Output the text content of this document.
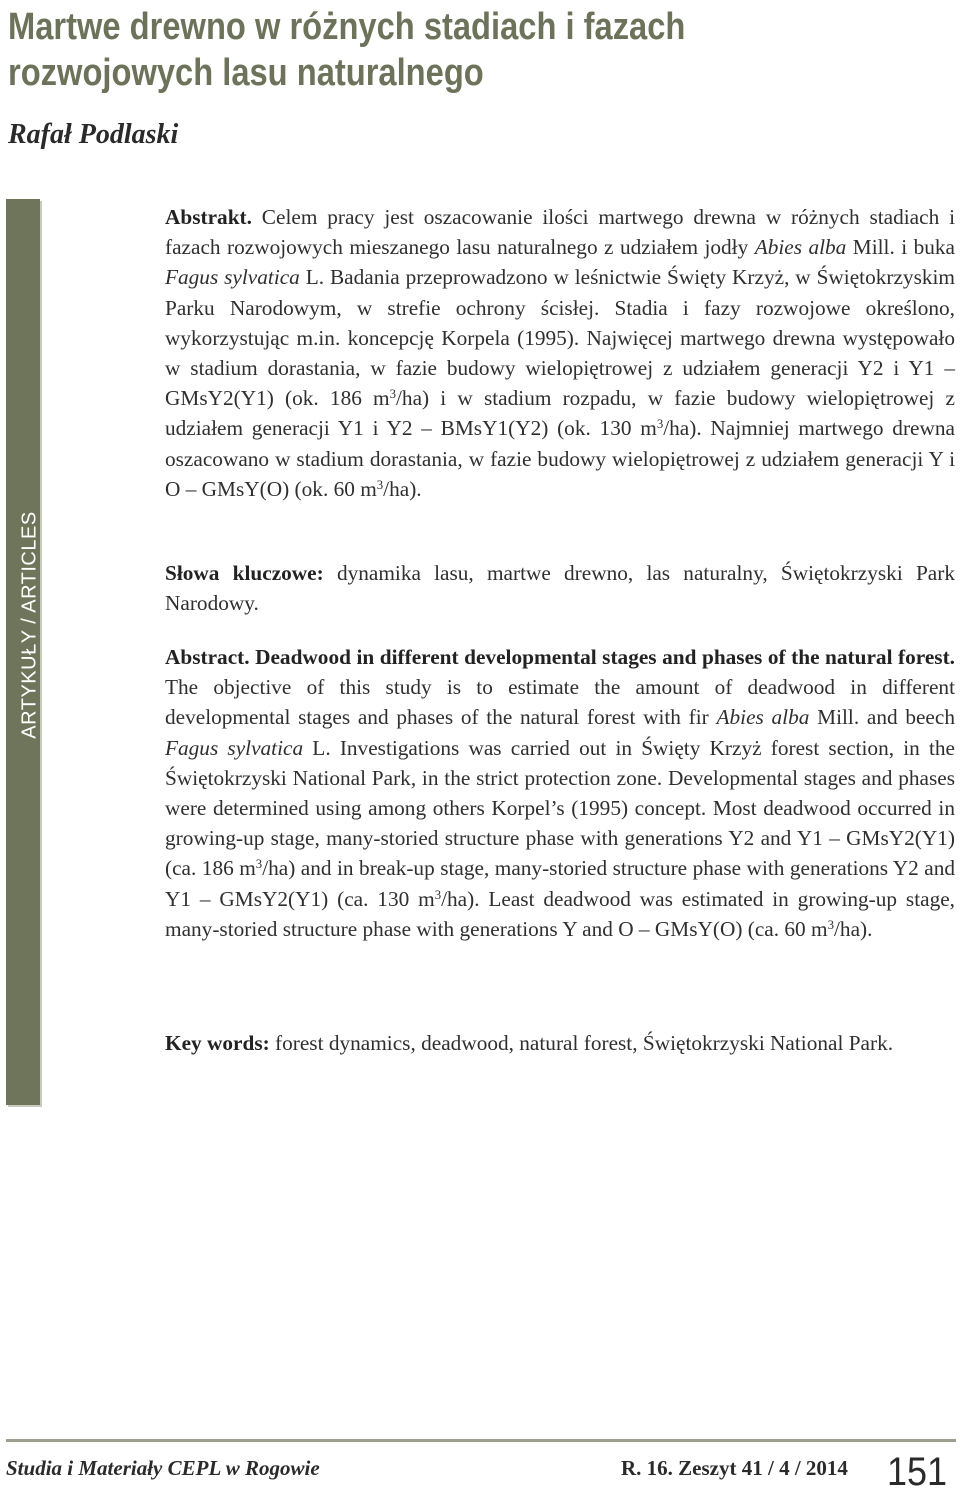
Martwe drewno w różnych stadiach i fazach rozwojowych lasu naturalnego
Rafał Podlaski
ARTYKUŁY / ARTICLES

Abstrakt. Celem pracy jest oszacowanie ilości martwego drewna w różnych stadiach i fazach rozwojowych mieszanego lasu naturalnego z udziałem jodły Abies alba Mill. i buka Fagus sylvatica L. Badania przeprowadzono w leśnictwie Święty Krzyż, w Świętokrzyskim Parku Narodowym, w strefie ochrony ścisłej. Stadia i fazy rozwojowe określono, wykorzystując m.in. koncepcję Korpela (1995). Najwięcej martwego drewna występowało w stadium dorastania, w fazie budowy wielopiętrowej z udziałem generacji Y2 i Y1 – GMsY2(Y1) (ok. 186 $m^3/ha$) i w stadium rozpadu, w fazie budowy wielopiętrowej z udziałem generacji Y1 i Y2 – BMsY1(Y2) (ok. 130 $m^3/ha$). Najmniej martwego drewna oszacowano w stadium dorastania, w fazie budowy wielopiętrowej z udziałem generacji Y i O – GMsY(O) (ok. 60 $m^3/ha$).

Słowa kluczowe: dynamika lasu, martwe drewno, las naturalny, Świętokrzyski Park Narodowy.

Abstract. Deadwood in different developmental stages and phases of the natural forest. The objective of this study is to estimate the amount of deadwood in different developmental stages and phases of the natural forest with fir Abies alba Mill. and beech Fagus sylvatica L. Investigations was carried out in Święty Krzyż forest section, in the Świętokrzyski National Park, in the strict protection zone. Developmental stages and phases were determined using among others Korpel’s (1995) concept. Most deadwood occurred in growing-up stage, many-storied structure phase with generations Y2 and Y1 – GMsY2(Y1) (ca. 186 $m^3/ha$) and in break-up stage, many-storied structure phase with generations Y2 and Y1 – GMsY2(Y1) (ca. 130 $m^3/ha$). Least deadwood was estimated in growing-up stage, many-storied structure phase with generations Y and O – GMsY(O) (ca. 60 $m^3/ha$).

Key words: forest dynamics, deadwood, natural forest, Świętokrzyski National Park.

Studia i Materiały CEPL w Rogowie	R. 16. Zeszyt 41 / 4 / 2014 151
